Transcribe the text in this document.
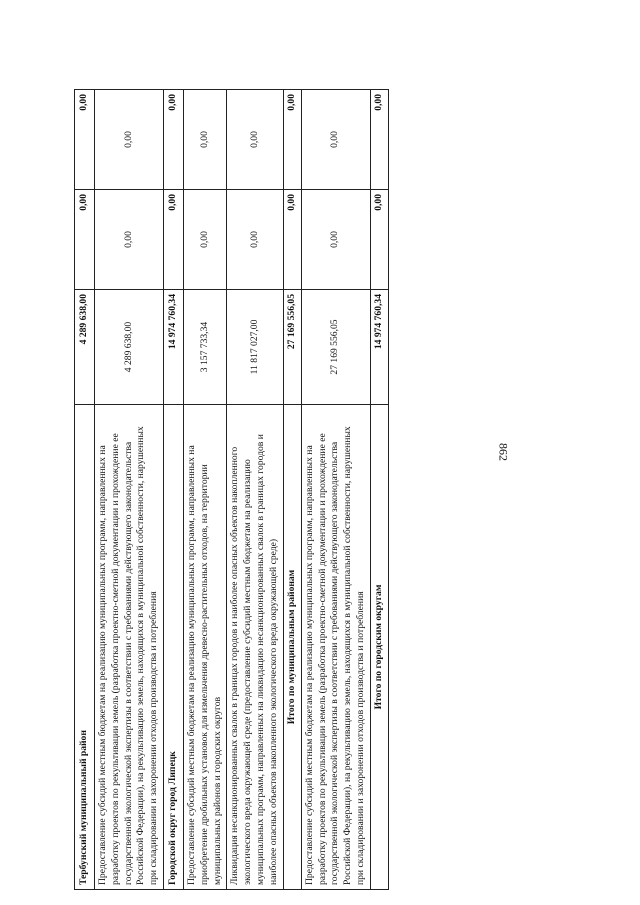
862
Тербунский муниципальный район	4 289 638,00	0,00	0,00
Предоставление субсидий местным бюджетам на реализацию муниципальных программ, направленных на разработку проектов по рекультивации земель (разработка проектно-сметной документации и прохождение ее государственной экологической экспертизы в соответствии с требованиями действующего законодательства Российской Федерации), на рекультивацию земель, находящихся в муниципальной собственности, нарушенных при складировании и захоронении отходов производства и потребления	4 289 638,00	0,00	0,00
Городской округ город Липецк	14 974 760,34	0,00	0,00
Предоставление субсидий местным бюджетам на реализацию муниципальных программ, направленных на приобретение дробильных установок для измельчения древесно-растительных отходов, на территории муниципальных районов и городских округов	3 157 733,34	0,00	0,00
Ликвидация несанкционированных свалок в границах городов и наиболее опасных объектов накопленного экологического вреда окружающей среде (предоставление субсидий местным бюджетам на реализацию муниципальных программ, направленных на ликвидацию несанкционированных свалок в границах городов и наиболее опасных объектов накопленного экологического вреда окружающей среде)	11 817 027,00	0,00	0,00
Итого по муниципальным районам	27 169 556,05	0,00	0,00
Предоставление субсидий местным бюджетам на реализацию муниципальных программ, направленных на разработку проектов по рекультивации земель (разработка проектно-сметной документации и прохождение ее государственной экологической экспертизы в соответствии с требованиями действующего законодательства Российской Федерации), на рекультивацию земель, находящихся в муниципальной собственности, нарушенных при складировании и захоронении отходов производства и потребления	27 169 556,05	0,00	0,00
Итого по городским округам	14 974 760,34	0,00	0,00
